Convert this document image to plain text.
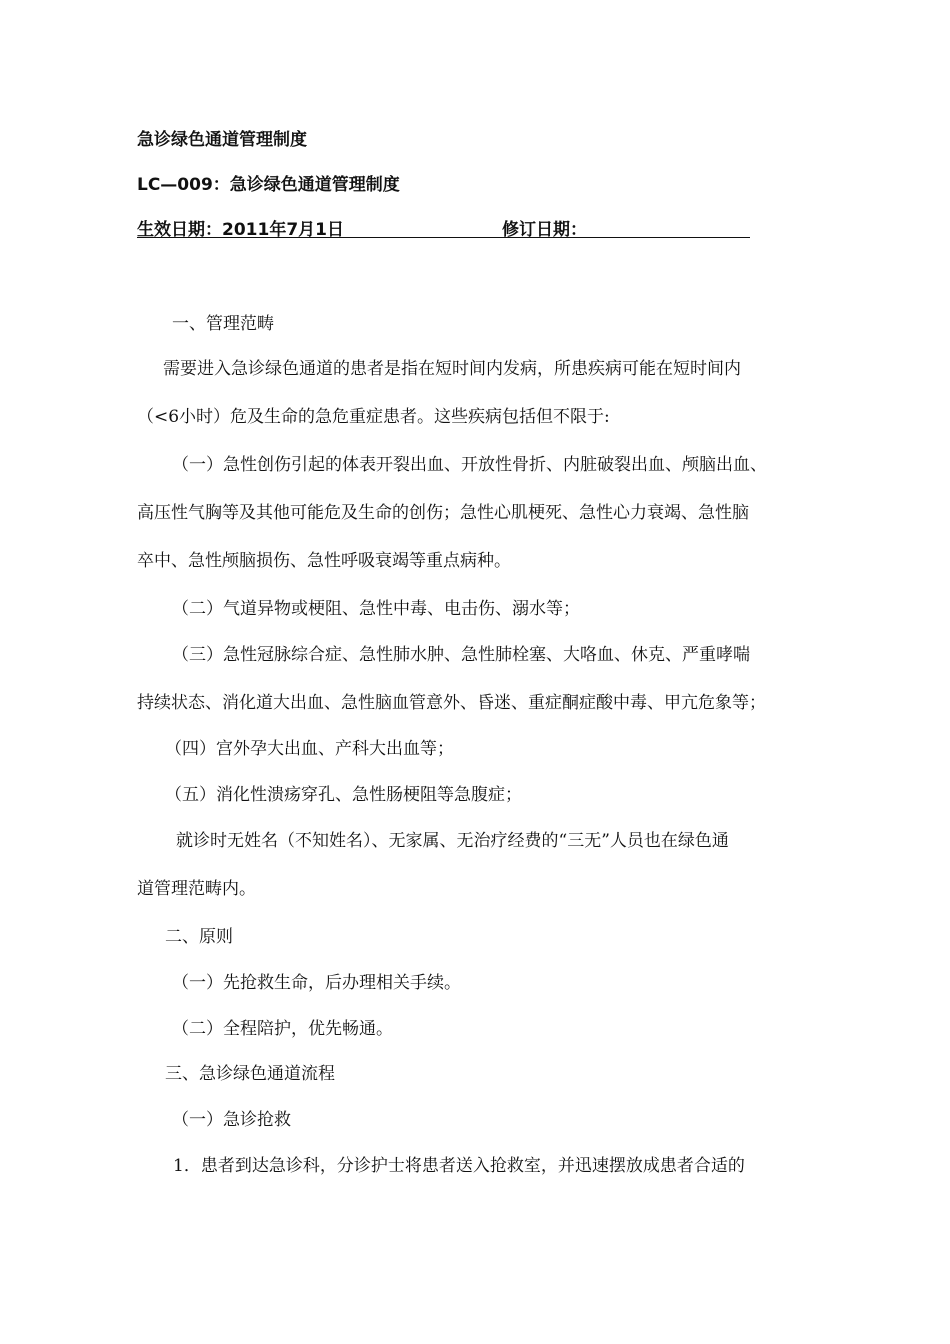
急诊绿色通道管理制度
LC—009：急诊绿色通道管理制度
生效日期：2011年7月1日	修订日期：
一、管理范畴
需要进入急诊绿色通道的患者是指在短时间内发病，所患疾病可能在短时间内
（<6小时）危及生命的急危重症患者。这些疾病包括但不限于:
（一）急性创伤引起的体表开裂出血、开放性骨折、内脏破裂出血、颅脑出血、
高压性气胸等及其他可能危及生命的创伤；急性心肌梗死、急性心力衰竭、急性脑
卒中、急性颅脑损伤、急性呼吸衰竭等重点病种。
（二）气道异物或梗阻、急性中毒、电击伤、溺水等；
（三）急性冠脉综合症、急性肺水肿、急性肺栓塞、大咯血、休克、严重哮喘
持续状态、消化道大出血、急性脑血管意外、昏迷、重症酮症酸中毒、甲亢危象等；
（四）宫外孕大出血、产科大出血等；
（五）消化性溃疡穿孔、急性肠梗阻等急腹症；
就诊时无姓名（不知姓名）、无家属、无治疗经费的“三无”人员也在绿色通
道管理范畴内。
二、原则
（一）先抢救生命，后办理相关手续。
（二）全程陪护，优先畅通。
三、急诊绿色通道流程
（一）急诊抢救
1．患者到达急诊科，分诊护士将患者送入抢救室，并迅速摆放成患者合适的
